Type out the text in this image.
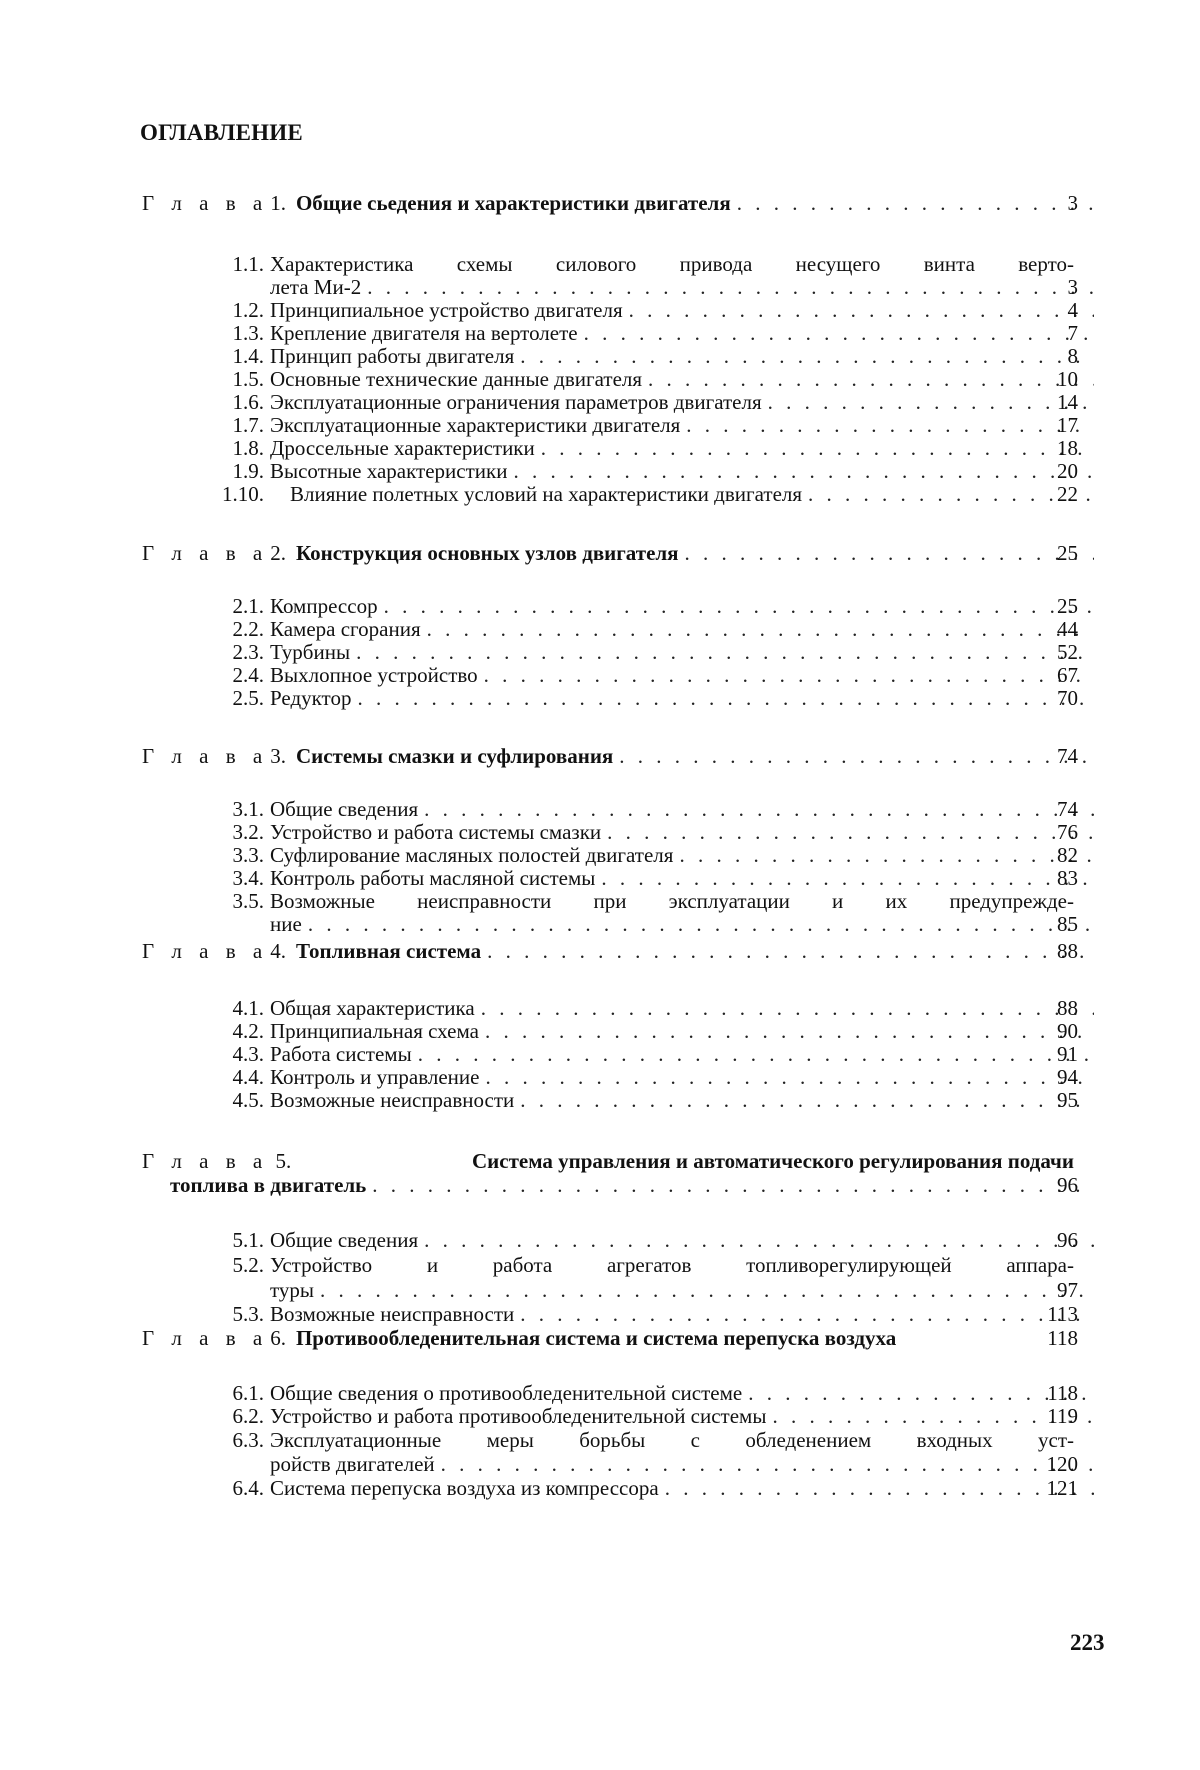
ОГЛАВЛЕНИЕ
Г л а в а 1. Общие сьедения и характеристики двигателя
. . .	3
1.1. Характеристика схемы силового привода несущего винта верто-
лета Ми-2
. . .	3
1.2. Принципиальное устройство двигателя
. . .	4
1.3. Крепление двигателя на вертолете
. . .	7
1.4. Принцип работы двигателя
. . .	8
1.5. Основные технические данные двигателя
. . .	10
1.6. Эксплуатационные ограничения параметров двигателя
. . .	14
1.7. Эксплуатационные характеристики двигателя
. . .	17
1.8. Дроссельные характеристики
. . .	18
1.9. Высотные характеристики
. . .	20
1.10. Влияние полетных условий на характеристики двигателя
. . .	22
Г л а в а 2. Конструкция основных узлов двигателя
. . .	25
2.1. Компрессор
. . .	25
2.2. Камера сгорания
. . .	44
2.3. Турбины
. . .	52
2.4. Выхлопное устройство
. . .	67
2.5. Редуктор
. . .	70
Г л а в а 3. Системы смазки и суфлирования
. . .	74
3.1. Общие сведения
. . .	74
3.2. Устройство и работа системы смазки
. . .	76
3.3. Суфлирование масляных полостей двигателя
. . .	82
3.4. Контроль работы масляной системы
. . .	83
3.5. Возможные неисправности при эксплуатации и их предупрежде-
ние
. . .	85
Г л а в а 4. Топливная система
. . .	88
4.1. Общая характеристика
. . .	88
4.2. Принципиальная схема
. . .	90
4.3. Работа системы
. . .	91
4.4. Контроль и управление
. . .	94
4.5. Возможные неисправности
. . .	95
Г л а в а 5.	Система управления и автоматического регулирования подачи
топлива в двигатель
. . .	96
5.1. Общие сведения
. . .	96
5.2. Устройство и работа агрегатов топливорегулирующей аппара-
туры
. . .	97
5.3. Возможные неисправности
. . .	113
Г л а в а 6. Противообледенительная система и система перепуска воздуха	118
6.1. Общие сведения о противообледенительной системе
. . .	118
6.2. Устройство и работа противообледенительной системы
. . .	119
6.3. Эксплуатационные меры борьбы с обледенением входных уст-
ройств двигателей
. . .	120
6.4. Система перепуска воздуха из компрессора
. . .	121
223
